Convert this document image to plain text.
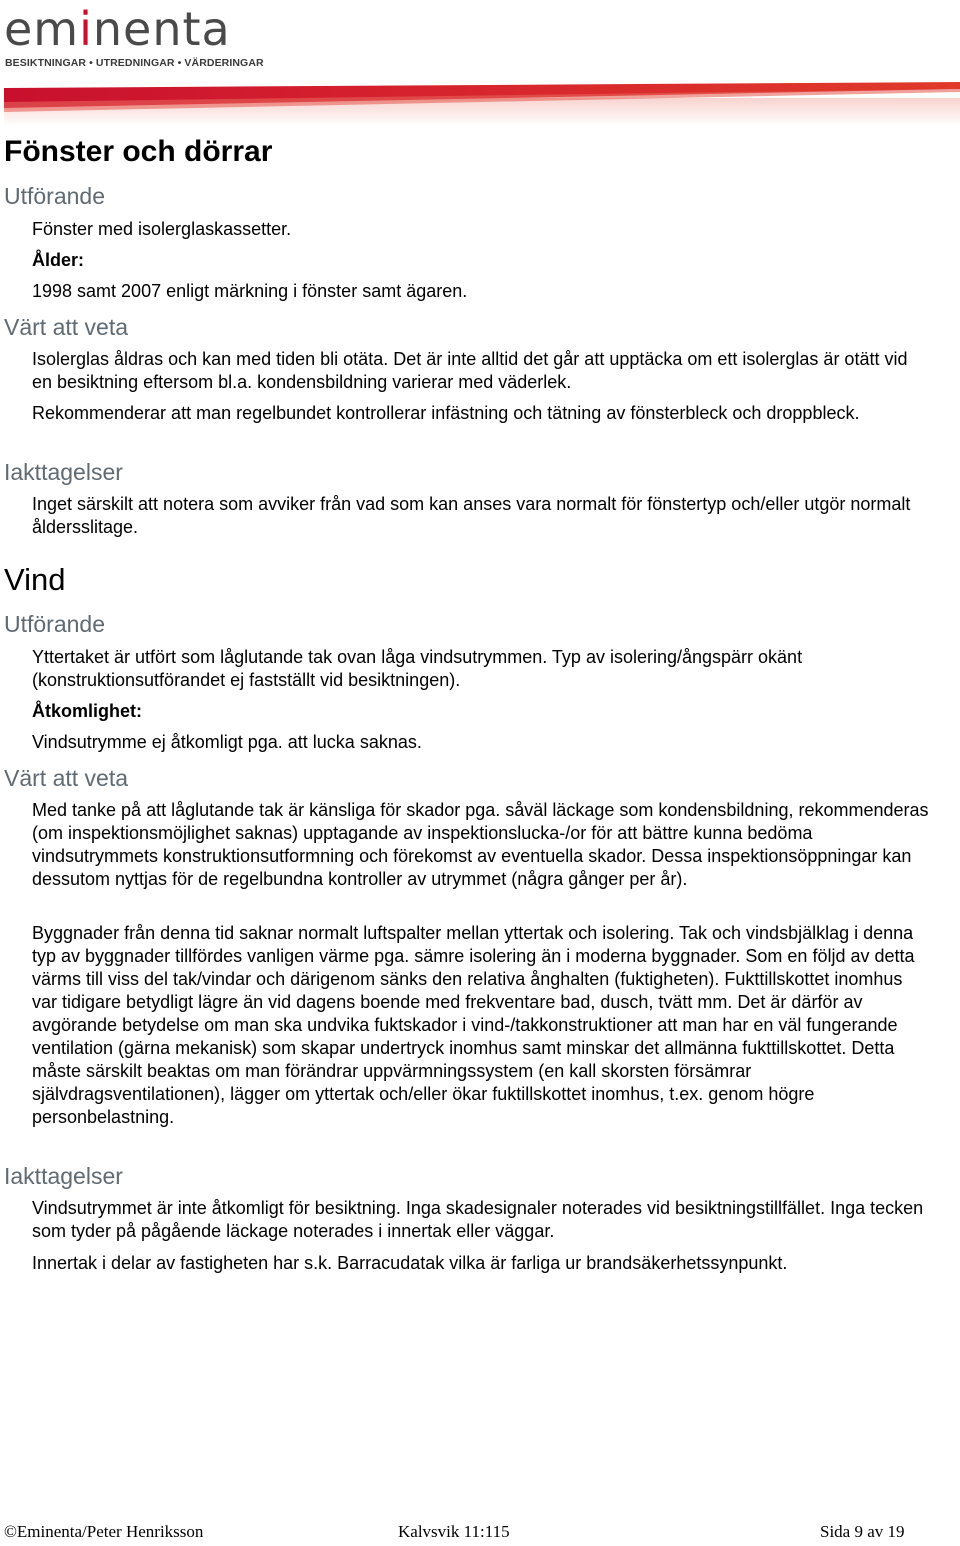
eminenta
BESIKTNINGAR • UTREDNINGAR • VÄRDERINGAR
Fönster och dörrar
Utförande
Fönster med isolerglaskassetter.
Ålder:
1998 samt 2007 enligt märkning i fönster samt ägaren.
Värt att veta
Isolerglas åldras och kan med tiden bli otäta. Det är inte alltid det går att upptäcka om ett isolerglas är otätt vid en besiktning eftersom bl.a. kondensbildning varierar med väderlek.
Rekommenderar att man regelbundet kontrollerar infästning och tätning av fönsterbleck och droppbleck.
Iakttagelser
Inget särskilt att notera som avviker från vad som kan anses vara normalt för fönstertyp och/eller utgör normalt åldersslitage.
Vind
Utförande
Yttertaket är utfört som låglutande tak ovan låga vindsutrymmen. Typ av isolering/ångspärr okänt (konstruktionsutförandet ej fastställt vid besiktningen).
Åtkomlighet:
Vindsutrymme ej åtkomligt pga. att lucka saknas.
Värt att veta
Med tanke på att låglutande tak är känsliga för skador pga. såväl läckage som kondensbildning, rekommenderas (om inspektionsmöjlighet saknas) upptagande av inspektionslucka-/or för att bättre kunna bedöma vindsutrymmets konstruktionsutformning och förekomst av eventuella skador. Dessa inspektionsöppningar kan dessutom nyttjas för de regelbundna kontroller av utrymmet (några gånger per år).
Byggnader från denna tid saknar normalt luftspalter mellan yttertak och isolering. Tak och vindsbjälklag i denna typ av byggnader tillfördes vanligen värme pga. sämre isolering än i moderna byggnader. Som en följd av detta värms till viss del tak/vindar och därigenom sänks den relativa ånghalten (fuktigheten). Fukttillskottet inomhus var tidigare betydligt lägre än vid dagens boende med frekventare bad, dusch, tvätt mm. Det är därför av avgörande betydelse om man ska undvika fuktskador i vind-/takkonstruktioner att man har en väl fungerande ventilation (gärna mekanisk) som skapar undertryck inomhus samt minskar det allmänna fukttillskottet. Detta måste särskilt beaktas om man förändrar uppvärmningssystem (en kall skorsten försämrar självdragsventilationen), lägger om yttertak och/eller ökar fuktillskottet inomhus, t.ex. genom högre personbelastning.
Iakttagelser
Vindsutrymmet är inte åtkomligt för besiktning. Inga skadesignaler noterades vid besiktningstillfället. Inga tecken som tyder på pågående läckage noterades i innertak eller väggar.
Innertak i delar av fastigheten har s.k. Barracudatak vilka är farliga ur brandsäkerhetssynpunkt.
©Eminenta/Peter Henriksson	Kalvsvik 11:115	Sida 9 av 19
